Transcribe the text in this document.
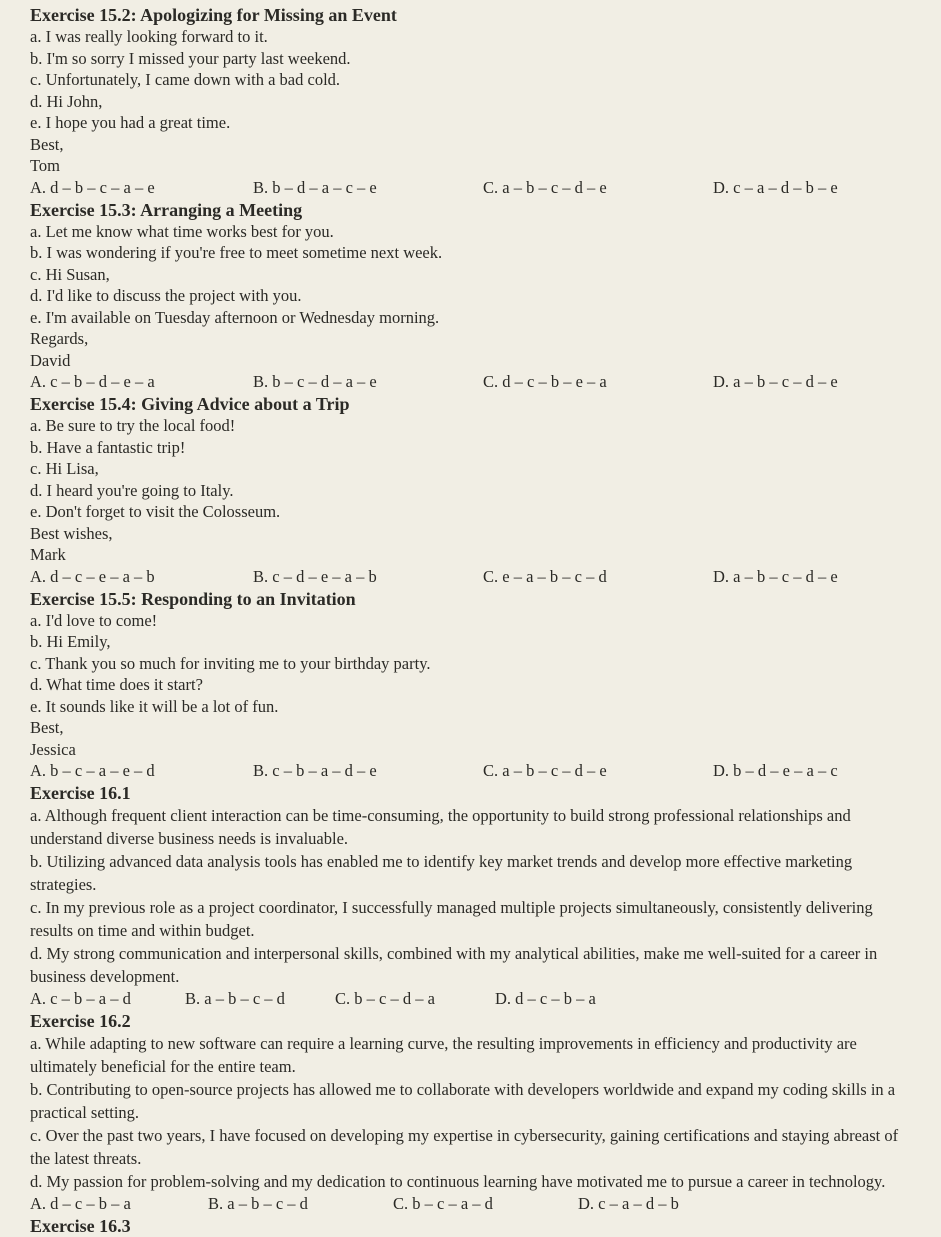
Exercise 15.2: Apologizing for Missing an Event

a. I was really looking forward to it.

b. I'm so sorry I missed your party last weekend.

c. Unfortunately, I came down with a bad cold.

d. Hi John,

e. I hope you had a great time.

Best,

Tom

A. d – b – c – a – e	B. b – d – a – c – e	C. a – b – c – d – e	D. c – a – d – b – e

Exercise 15.3: Arranging a Meeting

a. Let me know what time works best for you.

b. I was wondering if you're free to meet sometime next week.

c. Hi Susan,

d. I'd like to discuss the project with you.

e. I'm available on Tuesday afternoon or Wednesday morning.

Regards,

David

A. c – b – d – e – a	B. b – c – d – a – e	C. d – c – b – e – a	D. a – b – c – d – e

Exercise 15.4: Giving Advice about a Trip

a. Be sure to try the local food!

b. Have a fantastic trip!

c. Hi Lisa,

d. I heard you're going to Italy.

e. Don't forget to visit the Colosseum.

Best wishes,

Mark

A. d – c – e – a – b	B. c – d – e – a – b	C. e – a – b – c – d	D. a – b – c – d – e

Exercise 15.5: Responding to an Invitation

a. I'd love to come!

b. Hi Emily,

c. Thank you so much for inviting me to your birthday party.

d. What time does it start?

e. It sounds like it will be a lot of fun.

Best,

Jessica

A. b – c – a – e – d	B. c – b – a – d – e	C. a – b – c – d – e	D. b – d – e – a – c

Exercise 16.1

a. Although frequent client interaction can be time-consuming, the opportunity to build strong professional relationships and understand diverse business needs is invaluable.

b. Utilizing advanced data analysis tools has enabled me to identify key market trends and develop more effective marketing strategies.

c. In my previous role as a project coordinator, I successfully managed multiple projects simultaneously, consistently delivering results on time and within budget.

d. My strong communication and interpersonal skills, combined with my analytical abilities, make me well-suited for a career in business development.

A. c – b – a – d	B. a – b – c – d	C. b – c – d – a	D. d – c – b – a

Exercise 16.2

a. While adapting to new software can require a learning curve, the resulting improvements in efficiency and productivity are ultimately beneficial for the entire team.

b. Contributing to open-source projects has allowed me to collaborate with developers worldwide and expand my coding skills in a practical setting.

c. Over the past two years, I have focused on developing my expertise in cybersecurity, gaining certifications and staying abreast of the latest threats.

d. My passion for problem-solving and my dedication to continuous learning have motivated me to pursue a career in technology.

A. d – c – b – a	B. a – b – c – d	C. b – c – a – d	D. c – a – d – b

Exercise 16.3
